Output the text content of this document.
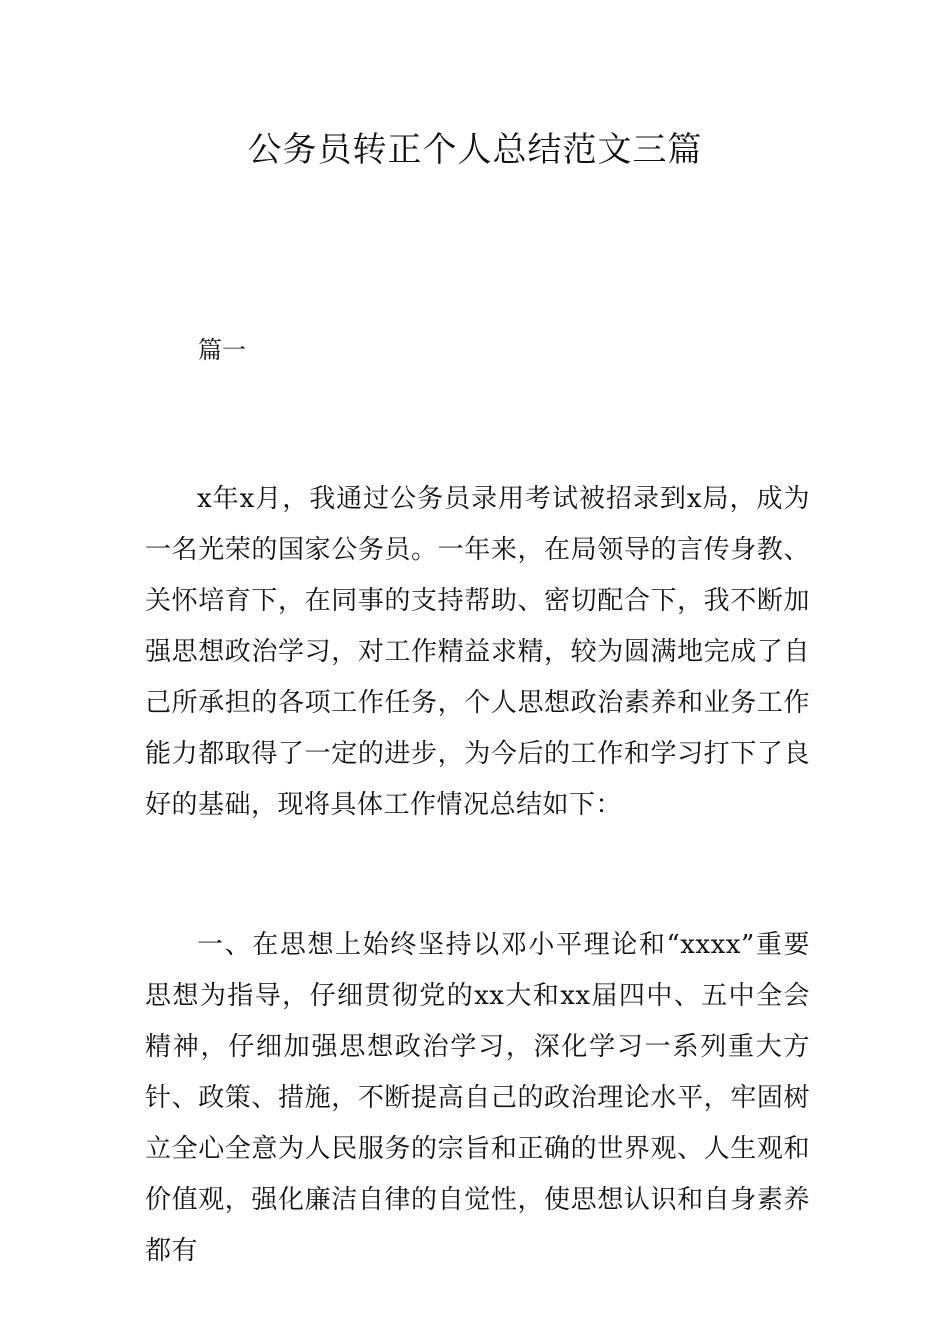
公务员转正个人总结范文三篇

篇一

x年x月，我通过公务员录用考试被招录到x局，成为一名光荣的国家公务员。一年来，在局领导的言传身教、关怀培育下，在同事的支持帮助、密切配合下，我不断加强思想政治学习，对工作精益求精，较为圆满地完成了自己所承担的各项工作任务，个人思想政治素养和业务工作能力都取得了一定的进步，为今后的工作和学习打下了良好的基础，现将具体工作情况总结如下：

一、在思想上始终坚持以邓小平理论和“xxxx”重要思想为指导，仔细贯彻党的xx大和xx届四中、五中全会精神，仔细加强思想政治学习，深化学习一系列重大方针、政策、措施，不断提高自己的政治理论水平，牢固树立全心全意为人民服务的宗旨和正确的世界观、人生观和价值观，强化廉洁自律的自觉性，使思想认识和自身素养都有
